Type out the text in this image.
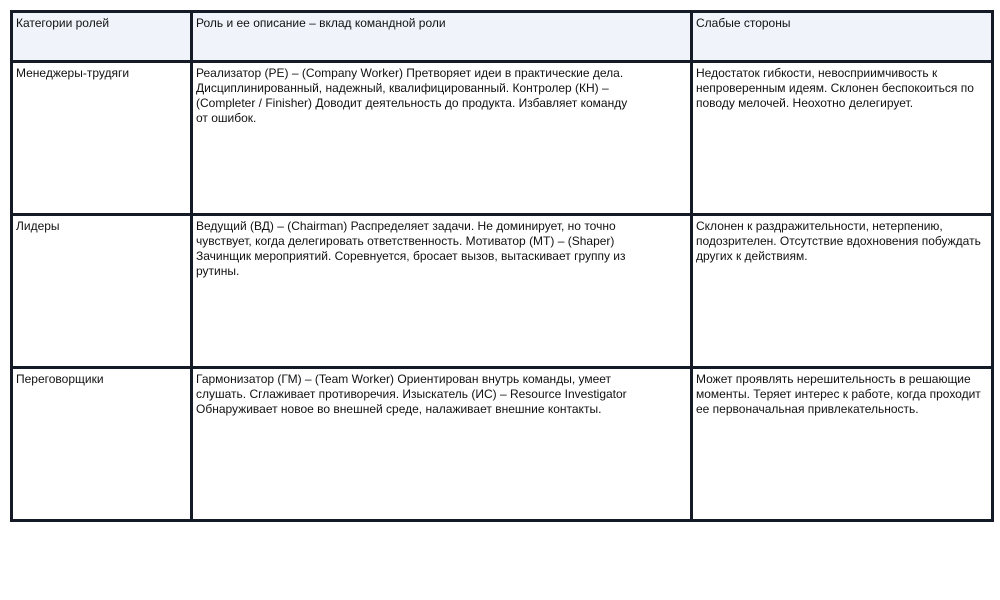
Категории ролей	Роль и ее описание – вклад командной роли	Слабые стороны

Менеджеры-трудяги	Реализатор (РЕ) – (Company Worker) Претворяет идеи в практические дела. Дисциплинированный, надежный, квалифицированный. Контролер (КН) – (Completer / Finisher) Доводит деятельность до продукта. Избавляет команду от ошибок.	Недостаток гибкости, невосприимчивость к непроверенным идеям. Склонен беспокоиться по поводу мелочей. Неохотно делегирует.

Лидеры	Ведущий (ВД) – (Chairman) Распределяет задачи. Не доминирует, но точно чувствует, когда делегировать ответственность. Мотиватор (МТ) – (Shaper) Зачинщик мероприятий. Соревнуется, бросает вызов, вытаскивает группу из рутины.	Склонен к раздражительности, нетерпению, подозрителен. Отсутствие вдохновения побуждать других к действиям.

Переговорщики	Гармонизатор (ГМ) – (Team Worker) Ориентирован внутрь команды, умеет слушать. Сглаживает противоречия. Изыскатель (ИС) – Resource Investigator Обнаруживает новое во внешней среде, налаживает внешние контакты.	Может проявлять нерешительность в решающие моменты. Теряет интерес к работе, когда проходит ее первоначальная привлекательность.
